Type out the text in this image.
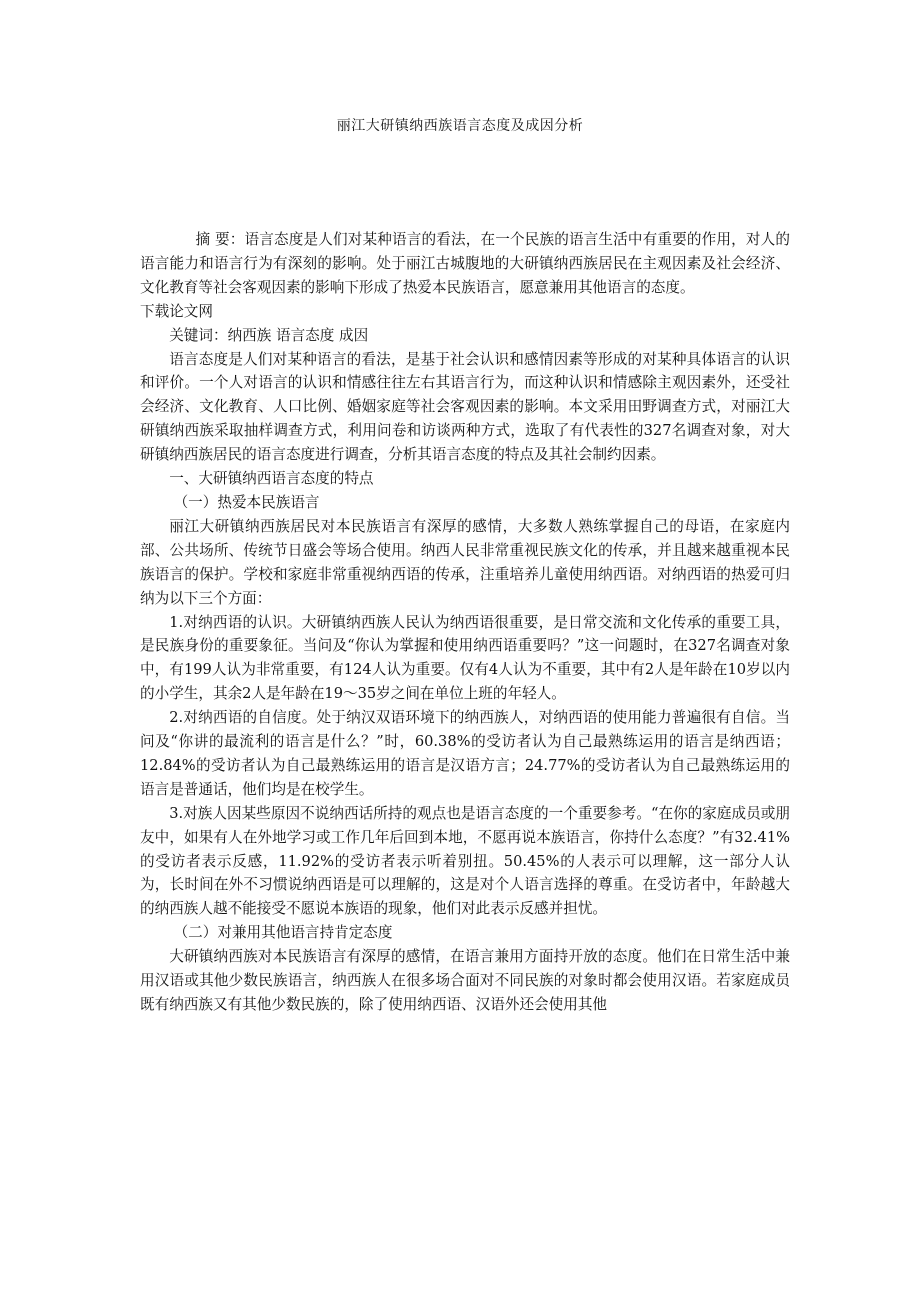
丽江大研镇纳西族语言态度及成因分析

摘 要：语言态度是人们对某种语言的看法，在一个民族的语言生活中有重要的作用，对人的语言能力和语言行为有深刻的影响。处于丽江古城腹地的大研镇纳西族居民在主观因素及社会经济、文化教育等社会客观因素的影响下形成了热爱本民族语言，愿意兼用其他语言的态度。

下载论文网

关键词：纳西族 语言态度 成因

语言态度是人们对某种语言的看法，是基于社会认识和感情因素等形成的对某种具体语言的认识和评价。一个人对语言的认识和情感往往左右其语言行为，而这种认识和情感除主观因素外，还受社会经济、文化教育、人口比例、婚姻家庭等社会客观因素的影响。本文采用田野调查方式，对丽江大研镇纳西族采取抽样调查方式，利用问卷和访谈两种方式，选取了有代表性的327名调查对象，对大研镇纳西族居民的语言态度进行调查，分析其语言态度的特点及其社会制约因素。

一、大研镇纳西语言态度的特点

（一）热爱本民族语言

丽江大研镇纳西族居民对本民族语言有深厚的感情，大多数人熟练掌握自己的母语，在家庭内部、公共场所、传统节日盛会等场合使用。纳西人民非常重视民族文化的传承，并且越来越重视本民族语言的保护。学校和家庭非常重视纳西语的传承，注重培养儿童使用纳西语。对纳西语的热爱可归纳为以下三个方面：

1.对纳西语的认识。大研镇纳西族人民认为纳西语很重要，是日常交流和文化传承的重要工具，是民族身份的重要象征。当问及“你认为掌握和使用纳西语重要吗？”这一问题时，在327名调查对象中，有199人认为非常重要，有124人认为重要。仅有4人认为不重要，其中有2人是年龄在10岁以内的小学生，其余2人是年龄在19～35岁之间在单位上班的年轻人。

2.对纳西语的自信度。处于纳汉双语环境下的纳西族人，对纳西语的使用能力普遍很有自信。当问及“你讲的最流利的语言是什么？”时，60.38%的受访者认为自己最熟练运用的语言是纳西语；12.84%的受访者认为自己最熟练运用的语言是汉语方言；24.77%的受访者认为自己最熟练运用的语言是普通话，他们均是在校学生。

3.对族人因某些原因不说纳西话所持的观点也是语言态度的一个重要参考。“在你的家庭成员或朋友中，如果有人在外地学习或工作几年后回到本地，不愿再说本族语言，你持什么态度？”有32.41%的受访者表示反感，11.92%的受访者表示听着别扭。50.45%的人表示可以理解，这一部分人认为，长时间在外不习惯说纳西语是可以理解的，这是对个人语言选择的尊重。在受访者中，年龄越大的纳西族人越不能接受不愿说本族语的现象，他们对此表示反感并担忧。

（二）对兼用其他语言持肯定态度

大研镇纳西族对本民族语言有深厚的感情，在语言兼用方面持开放的态度。他们在日常生活中兼用汉语或其他少数民族语言，纳西族人在很多场合面对不同民族的对象时都会使用汉语。若家庭成员既有纳西族又有其他少数民族的，除了使用纳西语、汉语外还会使用其他
